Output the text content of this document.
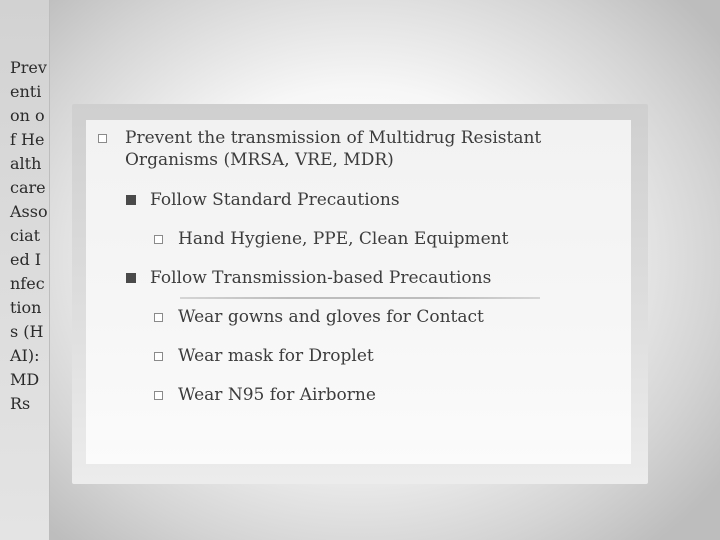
Prevention of Healthcare Associated Infections (HAI): MDRs
Prevent the transmission of Multidrug Resistant
Organisms (MRSA, VRE, MDR)
Follow Standard Precautions
Hand Hygiene, PPE, Clean Equipment
Follow Transmission-based Precautions
Wear gowns and gloves for Contact
Wear mask for Droplet
Wear N95 for Airborne
